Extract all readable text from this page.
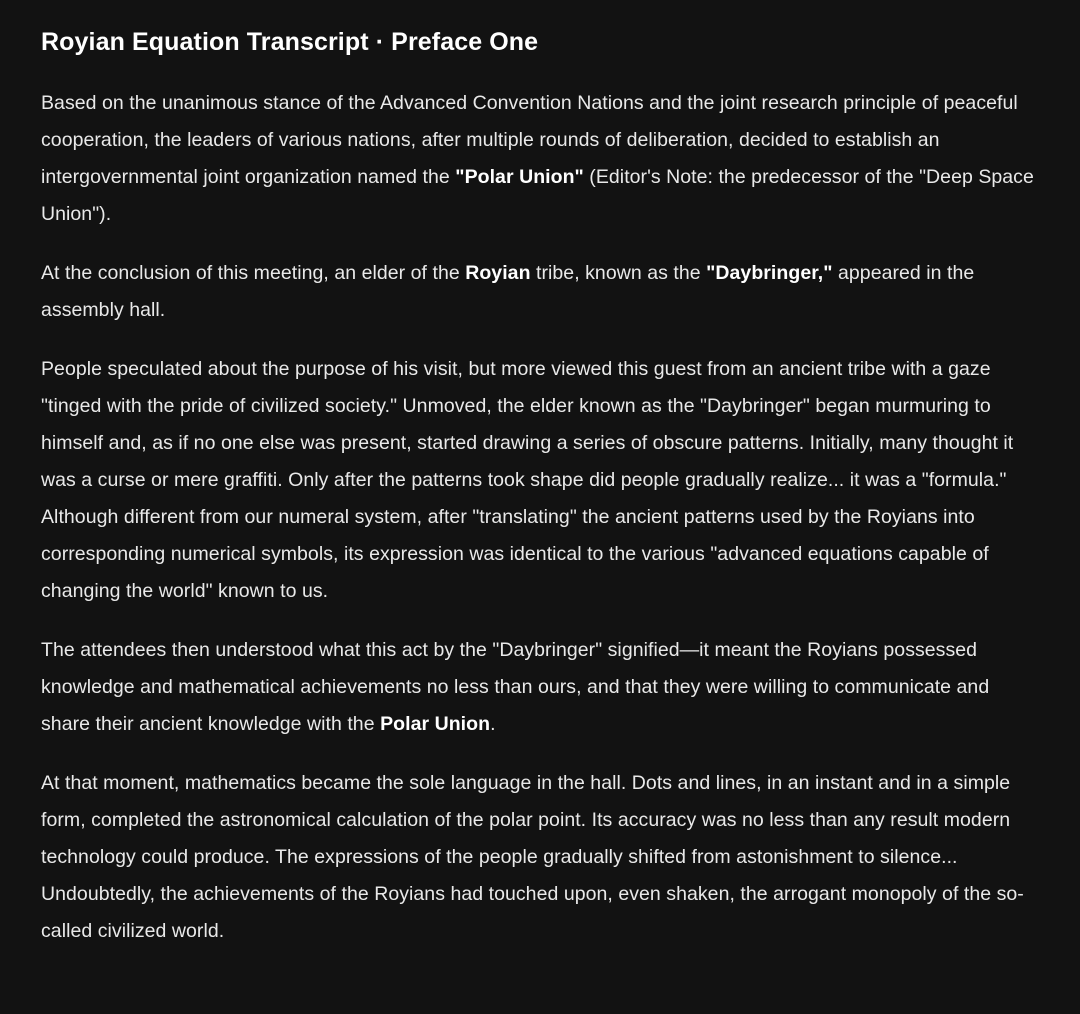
Royian Equation Transcript · Preface One

Based on the unanimous stance of the Advanced Convention Nations and the joint research principle of peaceful cooperation, the leaders of various nations, after multiple rounds of deliberation, decided to establish an intergovernmental joint organization named the "Polar Union" (Editor's Note: the predecessor of the "Deep Space Union").

At the conclusion of this meeting, an elder of the Royian tribe, known as the "Daybringer," appeared in the assembly hall.

People speculated about the purpose of his visit, but more viewed this guest from an ancient tribe with a gaze "tinged with the pride of civilized society." Unmoved, the elder known as the "Daybringer" began murmuring to himself and, as if no one else was present, started drawing a series of obscure patterns. Initially, many thought it was a curse or mere graffiti. Only after the patterns took shape did people gradually realize... it was a "formula." Although different from our numeral system, after "translating" the ancient patterns used by the Royians into corresponding numerical symbols, its expression was identical to the various "advanced equations capable of changing the world" known to us.

The attendees then understood what this act by the "Daybringer" signified—it meant the Royians possessed knowledge and mathematical achievements no less than ours, and that they were willing to communicate and share their ancient knowledge with the Polar Union.

At that moment, mathematics became the sole language in the hall. Dots and lines, in an instant and in a simple form, completed the astronomical calculation of the polar point. Its accuracy was no less than any result modern technology could produce. The expressions of the people gradually shifted from astonishment to silence... Undoubtedly, the achievements of the Royians had touched upon, even shaken, the arrogant monopoly of the so-called civilized world.
